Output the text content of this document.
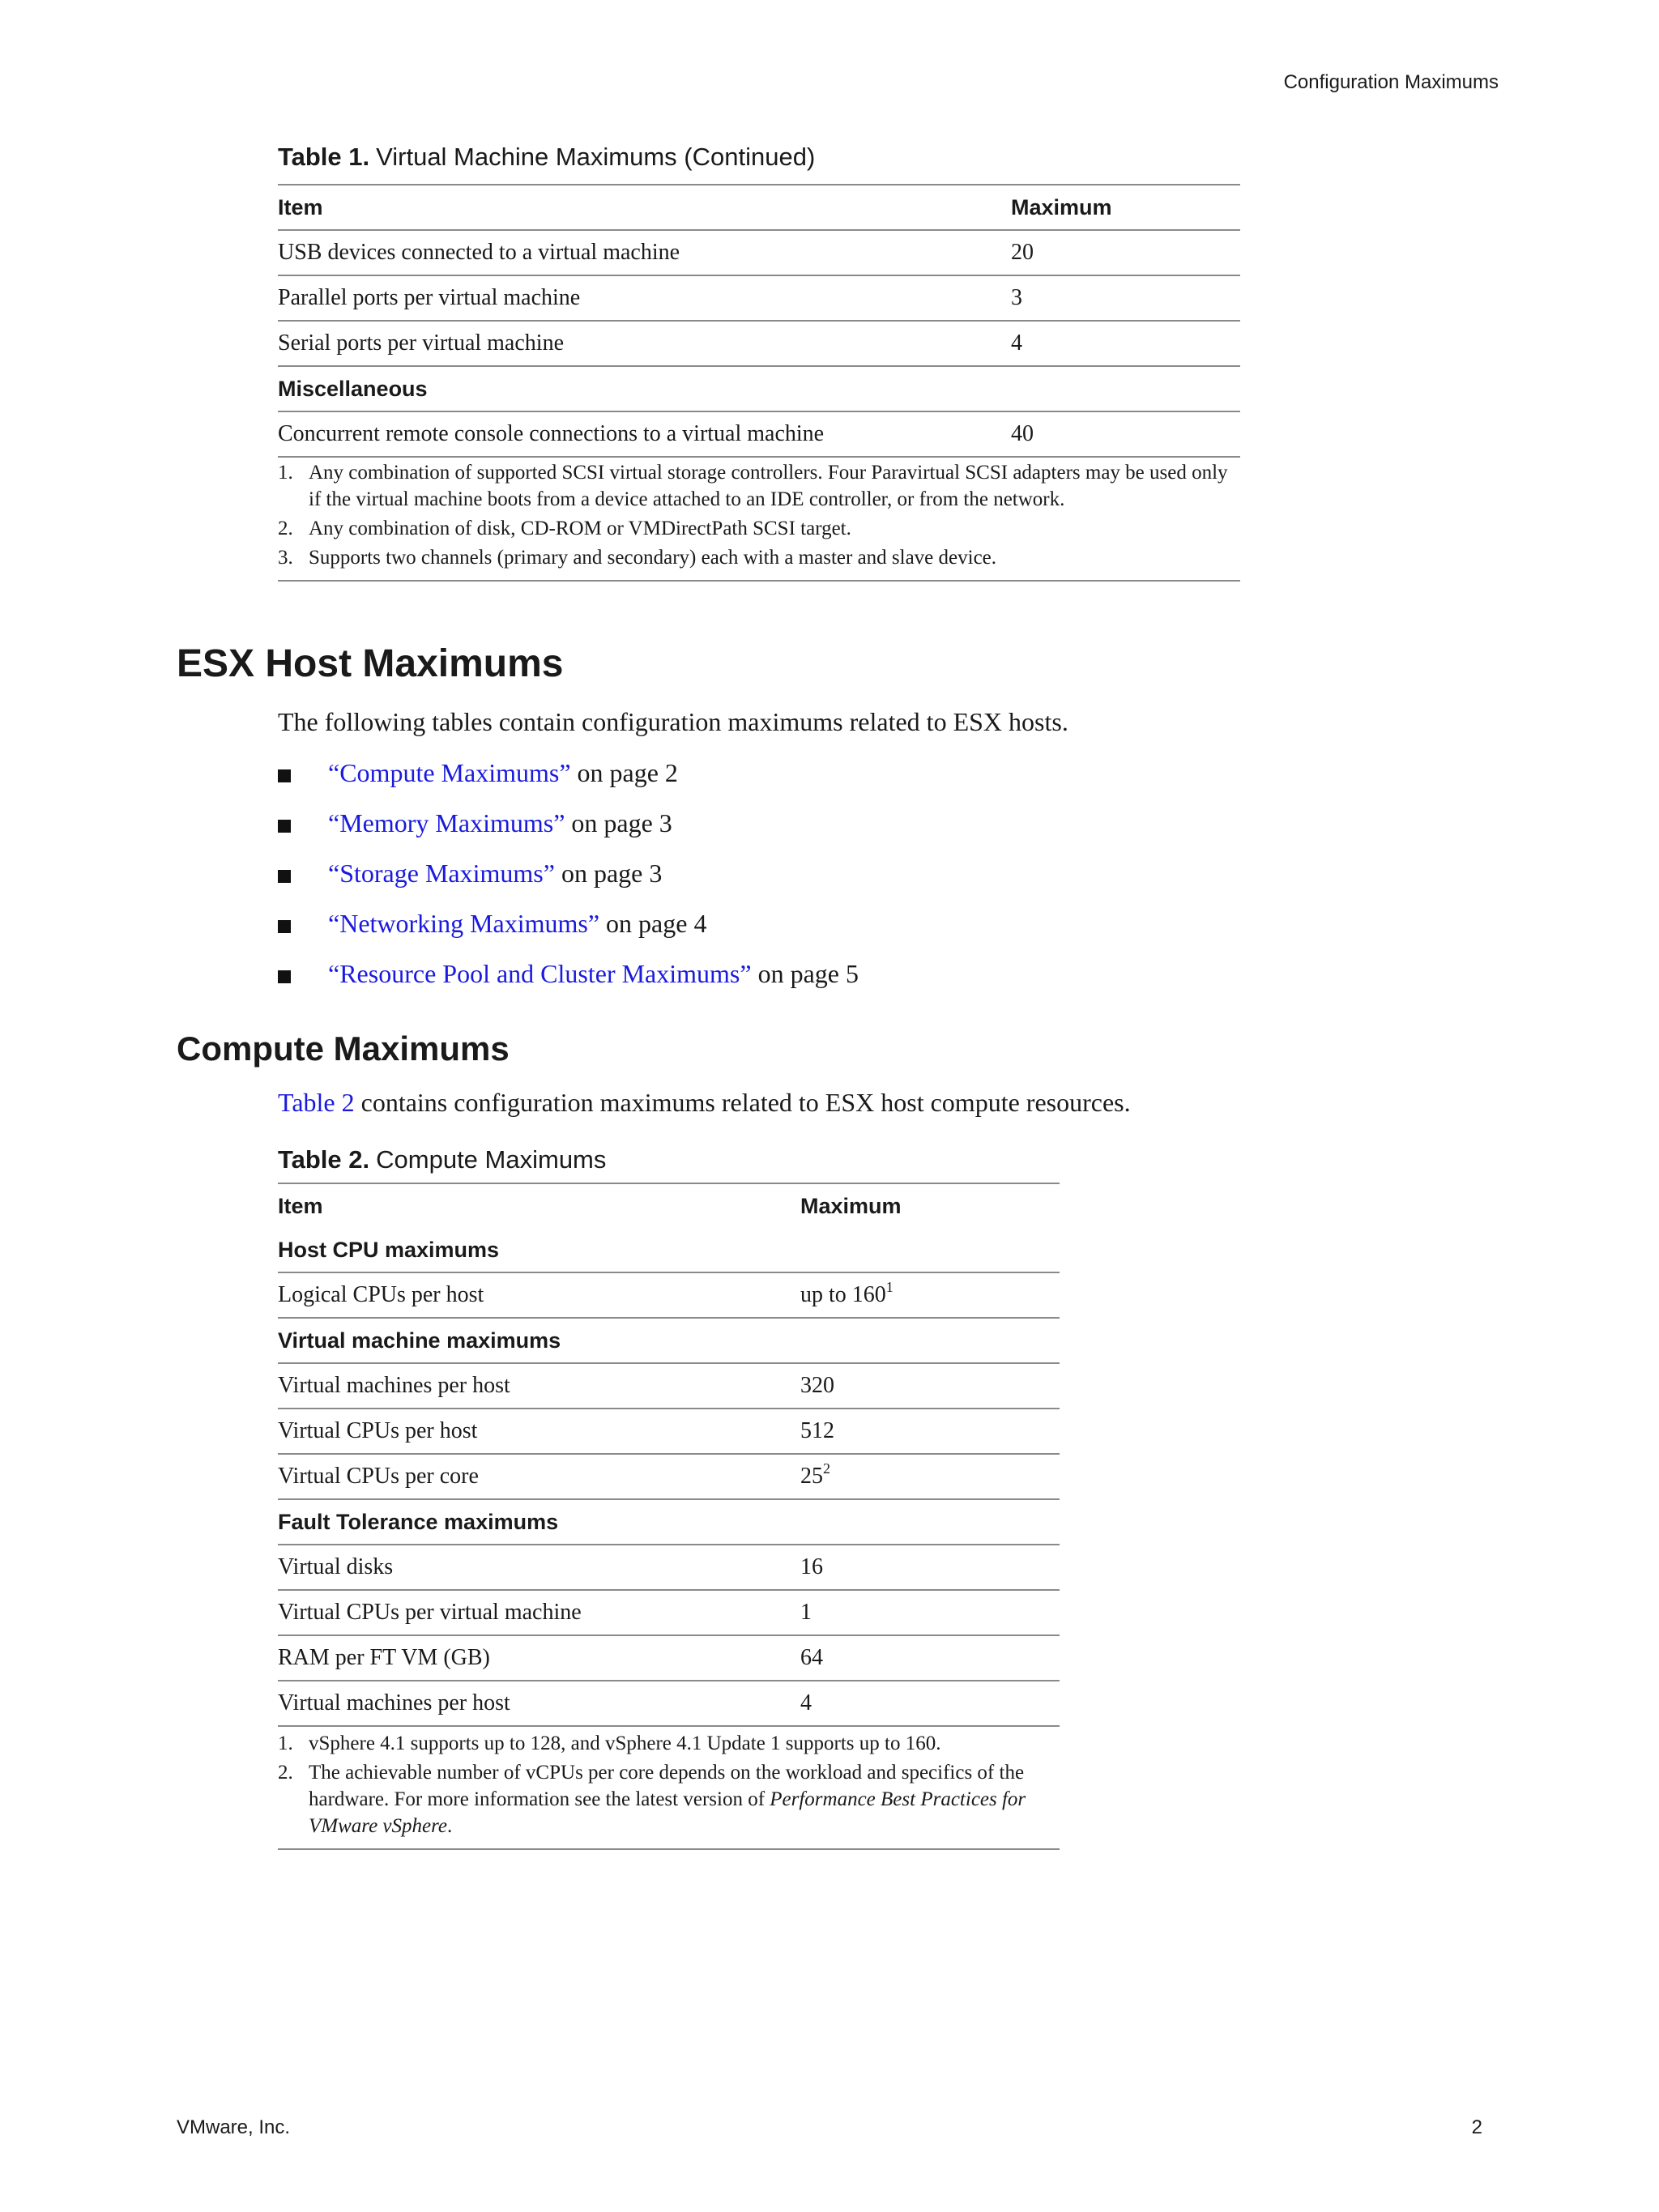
Configuration Maximums
Table 1. Virtual Machine Maximums (Continued)
Item	Maximum
USB devices connected to a virtual machine	20
Parallel ports per virtual machine	3
Serial ports per virtual machine	4
Miscellaneous	
Concurrent remote console connections to a virtual machine	40
1. Any combination of supported SCSI virtual storage controllers. Four Paravirtual SCSI adapters may be used only if the virtual machine boots from a device attached to an IDE controller, or from the network.
2. Any combination of disk, CD-ROM or VMDirectPath SCSI target.
3. Supports two channels (primary and secondary) each with a master and slave device.
ESX Host Maximums
The following tables contain configuration maximums related to ESX hosts.
“Compute Maximums” on page 2
“Memory Maximums” on page 3
“Storage Maximums” on page 3
“Networking Maximums” on page 4
“Resource Pool and Cluster Maximums” on page 5
Compute Maximums
Table 2 contains configuration maximums related to ESX host compute resources.
Table 2. Compute Maximums
Item	Maximum
Host CPU maximums	
Logical CPUs per host	up to $160^1$
Virtual machine maximums	
Virtual machines per host	320
Virtual CPUs per host	512
Virtual CPUs per core	$25^2$
Fault Tolerance maximums	
Virtual disks	16
Virtual CPUs per virtual machine	1
RAM per FT VM (GB)	64
Virtual machines per host	4
1. vSphere 4.1 supports up to 128, and vSphere 4.1 Update 1 supports up to 160.
2. The achievable number of vCPUs per core depends on the workload and specifics of the hardware. For more information see the latest version of Performance Best Practices for VMware vSphere.
VMware, Inc.	2
